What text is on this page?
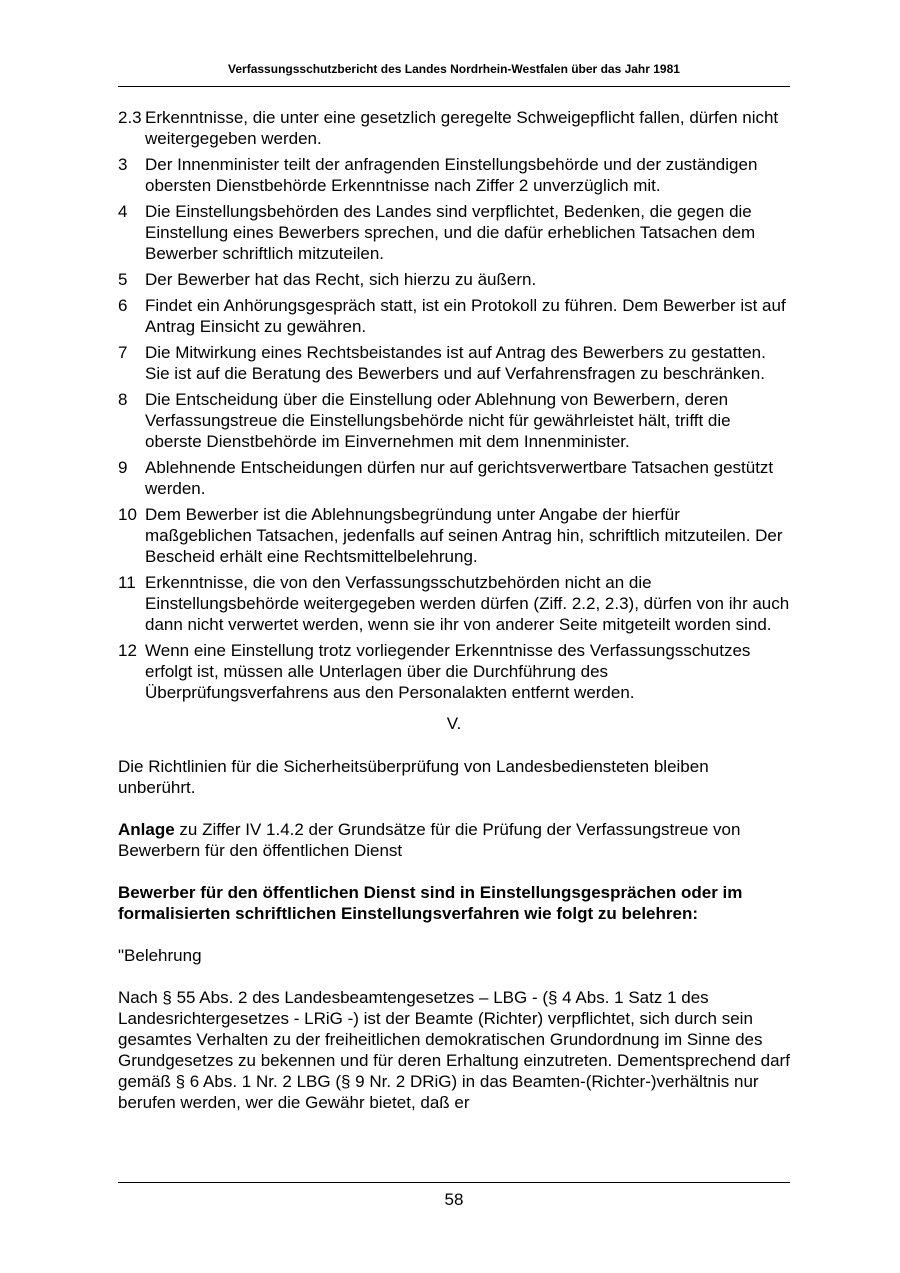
Verfassungsschutzbericht des Landes Nordrhein-Westfalen über das Jahr 1981
2.3 Erkenntnisse, die unter eine gesetzlich geregelte Schweigepflicht fallen, dürfen nicht weitergegeben werden.
3	Der Innenminister teilt der anfragenden Einstellungsbehörde und der zuständigen obersten Dienstbehörde Erkenntnisse nach Ziffer 2 unverzüglich mit.
4	Die Einstellungsbehörden des Landes sind verpflichtet, Bedenken, die gegen die Einstellung eines Bewerbers sprechen, und die dafür erheblichen Tatsachen dem Bewerber schriftlich mitzuteilen.
5	Der Bewerber hat das Recht, sich hierzu zu äußern.
6	Findet ein Anhörungsgespräch statt, ist ein Protokoll zu führen. Dem Bewerber ist auf Antrag Einsicht zu gewähren.
7	Die Mitwirkung eines Rechtsbeistandes ist auf Antrag des Bewerbers zu gestatten. Sie ist auf die Beratung des Bewerbers und auf Verfahrensfragen zu beschränken.
8	Die Entscheidung über die Einstellung oder Ablehnung von Bewerbern, deren Verfassungstreue die Einstellungsbehörde nicht für gewährleistet hält, trifft die oberste Dienstbehörde im Einvernehmen mit dem Innenminister.
9	Ablehnende Entscheidungen dürfen nur auf gerichtsverwertbare Tatsachen gestützt werden.
10 Dem Bewerber ist die Ablehnungsbegründung unter Angabe der hierfür maßgeblichen Tatsachen, jedenfalls auf seinen Antrag hin, schriftlich mitzuteilen. Der Bescheid erhält eine Rechtsmittelbelehrung.
11 Erkenntnisse, die von den Verfassungsschutzbehörden nicht an die Einstellungsbehörde weitergegeben werden dürfen (Ziff. 2.2, 2.3), dürfen von ihr auch dann nicht verwertet werden, wenn sie ihr von anderer Seite mitgeteilt worden sind.
12 Wenn eine Einstellung trotz vorliegender Erkenntnisse des Verfassungsschutzes erfolgt ist, müssen alle Unterlagen über die Durchführung des Überprüfungsverfahrens aus den Personalakten entfernt werden.
V.

Die Richtlinien für die Sicherheitsüberprüfung von Landesbediensteten bleiben unberührt.

Anlage zu Ziffer IV 1.4.2 der Grundsätze für die Prüfung der Verfassungstreue von Bewerbern für den öffentlichen Dienst

Bewerber für den öffentlichen Dienst sind in Einstellungsgesprächen oder im formalisierten schriftlichen Einstellungsverfahren wie folgt zu belehren:

"Belehrung

Nach § 55 Abs. 2 des Landesbeamtengesetzes – LBG - (§ 4 Abs. 1 Satz 1 des Landesrichtergesetzes - LRiG -) ist der Beamte (Richter) verpflichtet, sich durch sein gesamtes Verhalten zu der freiheitlichen demokratischen Grundordnung im Sinne des Grundgesetzes zu bekennen und für deren Erhaltung einzutreten. Dementsprechend darf gemäß § 6 Abs. 1 Nr. 2 LBG (§ 9 Nr. 2 DRiG) in das Beamten-(Richter-)verhältnis nur berufen werden, wer die Gewähr bietet, daß er

58
